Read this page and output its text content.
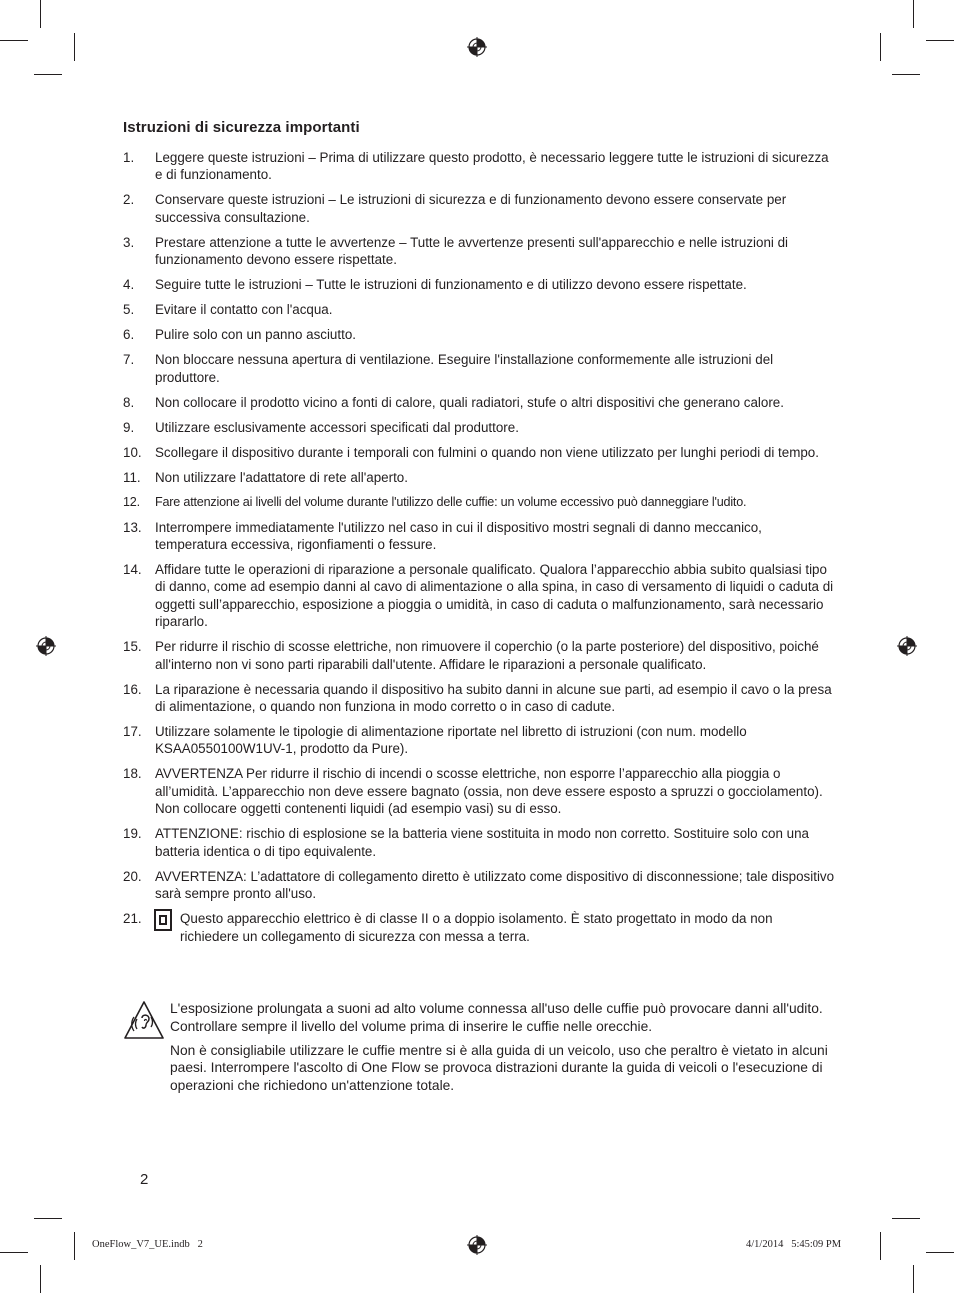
Istruzioni di sicurezza importanti
1. Leggere queste istruzioni – Prima di utilizzare questo prodotto, è necessario leggere tutte le istruzioni di sicurezza e di funzionamento.
2. Conservare queste istruzioni – Le istruzioni di sicurezza e di funzionamento devono essere conservate per successiva consultazione.
3. Prestare attenzione a tutte le avvertenze – Tutte le avvertenze presenti sull'apparecchio e nelle istruzioni di funzionamento devono essere rispettate.
4. Seguire tutte le istruzioni – Tutte le istruzioni di funzionamento e di utilizzo devono essere rispettate.
5. Evitare il contatto con l'acqua.
6. Pulire solo con un panno asciutto.
7. Non bloccare nessuna apertura di ventilazione. Eseguire l'installazione conformemente alle istruzioni del produttore.
8. Non collocare il prodotto vicino a fonti di calore, quali radiatori, stufe o altri dispositivi che generano calore.
9. Utilizzare esclusivamente accessori specificati dal produttore.
10. Scollegare il dispositivo durante i temporali con fulmini o quando non viene utilizzato per lunghi periodi di tempo.
11. Non utilizzare l'adattatore di rete all'aperto.
12. Fare attenzione ai livelli del volume durante l'utilizzo delle cuffie: un volume eccessivo può danneggiare l'udito.
13. Interrompere immediatamente l'utilizzo nel caso in cui il dispositivo mostri segnali di danno meccanico, temperatura eccessiva, rigonfiamenti o fessure.
14. Affidare tutte le operazioni di riparazione a personale qualificato. Qualora l’apparecchio abbia subito qualsiasi tipo di danno, come ad esempio danni al cavo di alimentazione o alla spina, in caso di versamento di liquidi o caduta di oggetti sull’apparecchio, esposizione a pioggia o umidità, in caso di caduta o malfunzionamento, sarà necessario ripararlo.
15. Per ridurre il rischio di scosse elettriche, non rimuovere il coperchio (o la parte posteriore) del dispositivo, poiché all'interno non vi sono parti riparabili dall'utente. Affidare le riparazioni a personale qualificato.
16. La riparazione è necessaria quando il dispositivo ha subito danni in alcune sue parti, ad esempio il cavo o la presa di alimentazione, o quando non funziona in modo corretto o in caso di cadute.
17. Utilizzare solamente le tipologie di alimentazione riportate nel libretto di istruzioni (con num. modello KSAA0550100W1UV-1, prodotto da Pure).
18. AVVERTENZA Per ridurre il rischio di incendi o scosse elettriche, non esporre l’apparecchio alla pioggia o all’umidità. L’apparecchio non deve essere bagnato (ossia, non deve essere esposto a spruzzi o gocciolamento). Non collocare oggetti contenenti liquidi (ad esempio vasi) su di esso.
19. ATTENZIONE: rischio di esplosione se la batteria viene sostituita in modo non corretto. Sostituire solo con una batteria identica o di tipo equivalente.
20. AVVERTENZA: L’adattatore di collegamento diretto è utilizzato come dispositivo di disconnessione; tale dispositivo sarà sempre pronto all'uso.
21.	Questo apparecchio elettrico è di classe II o a doppio isolamento. È stato progettato in modo da non richiedere un collegamento di sicurezza con messa a terra.

L'esposizione prolungata a suoni ad alto volume connessa all'uso delle cuffie può provocare danni all'udito. Controllare sempre il livello del volume prima di inserire le cuffie nelle orecchie.

Non è consigliabile utilizzare le cuffie mentre si è alla guida di un veicolo, uso che peraltro è vietato in alcuni paesi. Interrompere l'ascolto di One Flow se provoca distrazioni durante la guida di veicoli o l'esecuzione di operazioni che richiedono un'attenzione totale.

2
OneFlow_V7_UE.indb   2	4/1/2014   5:45:09 PM
